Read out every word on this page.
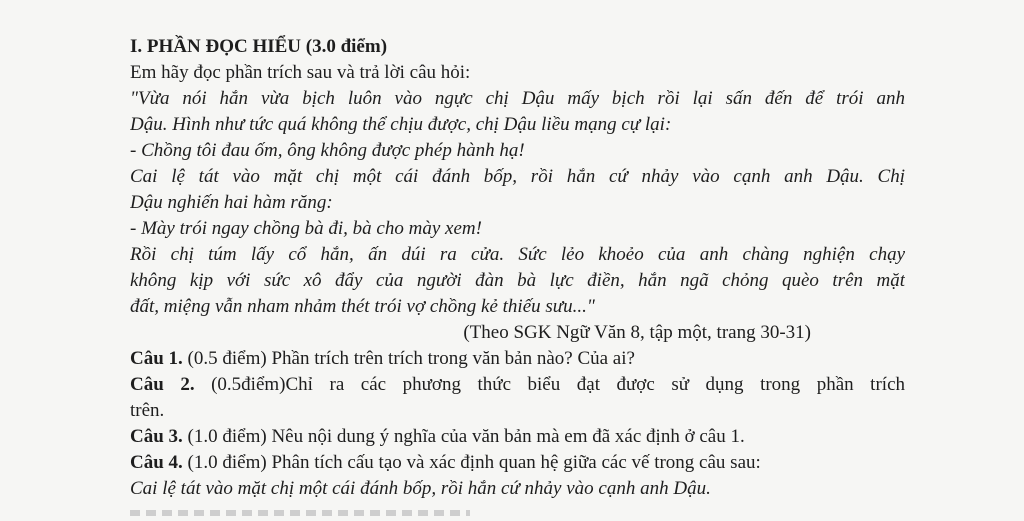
I. PHẦN ĐỌC HIỂU (3.0 điểm)
Em hãy đọc phần trích sau và trả lời câu hỏi:
"Vừa nói hắn vừa bịch luôn vào ngực chị Dậu mấy bịch rồi lại sấn đến để trói anh
Dậu. Hình như tức quá không thể chịu được, chị Dậu liều mạng cự lại:
- Chồng tôi đau ốm, ông không được phép hành hạ!
Cai lệ tát vào mặt chị một cái đánh bốp, rồi hắn cứ nhảy vào cạnh anh Dậu. Chị
Dậu nghiến hai hàm răng:
- Mày trói ngay chồng bà đi, bà cho mày xem!
Rồi chị túm lấy cổ hắn, ấn dúi ra cửa. Sức lẻo khoẻo của anh chàng nghiện chạy
không kịp với sức xô đẩy của người đàn bà lực điền, hắn ngã chỏng quèo trên mặt
đất, miệng vẫn nham nhảm thét trói vợ chồng kẻ thiếu sưu..."
(Theo SGK Ngữ Văn 8, tập một, trang 30-31)
Câu 1. (0.5 điểm) Phần trích trên trích trong văn bản nào? Của ai?
Câu 2. (0.5điểm)Chỉ ra các phương thức biểu đạt được sử dụng trong phần trích
trên.
Câu 3. (1.0 điểm) Nêu nội dung ý nghĩa của văn bản mà em đã xác định ở câu 1.
Câu 4. (1.0 điểm) Phân tích cấu tạo và xác định quan hệ giữa các vế trong câu sau:
Cai lệ tát vào mặt chị một cái đánh bốp, rồi hắn cứ nhảy vào cạnh anh Dậu.
